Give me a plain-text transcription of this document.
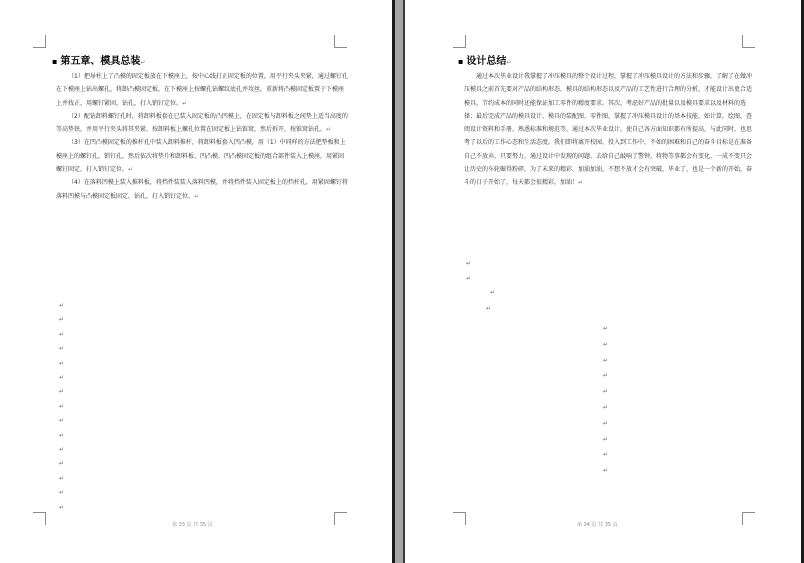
▪ 第五章、模具总装↵

（1）把导柱上了凸模的固定板放在下模座上，按中心线打正固定板的位置，用平行夹头夹紧，通过螺钉孔在下模座上钻出螺孔，将卸凸模固定板，在下模座上按螺孔钻螺纹底孔并攻丝，重新将凸模固定板置于下模座上并找正，用螺钉紧固，钻孔，打入销钉定位。↵

（2）配钻卸料螺钉孔时，将卸料板套在已装入固定板的凸凹模上，在固定板与卸料板之间垫上适当高度的等高垫铁，并用平行夹头将其夹紧，按卸料板上螺孔位置在固定板上钻锥窝，然后拆开，按锥窝钻孔。↵

（3）在凹凸模固定板的推杆孔中装入卸料推杆，将卸料板套入凹凸模，用（1）中同样的方法把垫板和上模座上的螺钉孔，销钉孔，然后依次将垫片和卸料板、凹凸模、凹凸模固定板的组合部件装入上模座，用紧固螺钉固定，打入销钉定位。↵

（4）在落料凹模上装入推料板，将挡件装装入落料凹模，并将挡件装入固定板上的挡杆孔，用紧固螺钉将落料凹模与凸模固定板固定，钻孔，打入销钉定位。↵

↵
↵
↵
↵
↵
↵
↵
↵
↵
↵
↵
↵
↵
↵
↵
第 33 页 共 35 页
▪ 设计总结↵

通过本次毕业设计我掌握了冲压模具的整个设计过程，掌握了冲压模具设计的方法和步骤，了解了在做冲压模具之前首先要对产品的结构形态，模具的结构形态以及产品的工艺性进行合理的分析，才能设计出更合适模具，节约成本的同时还能保证加工零件的精度要求。其次，考虑好产品的批量以及模具要求以及材料的选择；最后完成产品的模具设计、模具的装配图、零件图，掌握了冲压模具设计的基本技能，如计算，绘图，查阅设计资料和手册，熟悉标准和规范等，通过本次毕业设计，使自己各方面知识都有所提高，与此同时，也思考了以后的工作心态和生活态度。我们即将离开校园、投入到工作中，不如的困难和自己的奋斗目标是在准备自己不放弃，只要努力，通过设计中发现的问题、去给自己敲响了警钟，将物等事都会有变化，一成不变只会让历史的车轮碾得粉碎，为了未来的精彩，加油加油，不想不放才会有突破，毕业了，也是一个新的开始，奋斗的日子开始了，每天都会很精彩，加油！↵

↵
↵
↵
↵
↵
↵
↵
↵
↵
↵
↵
↵
↵
↵
第 34 页 共 35 页
